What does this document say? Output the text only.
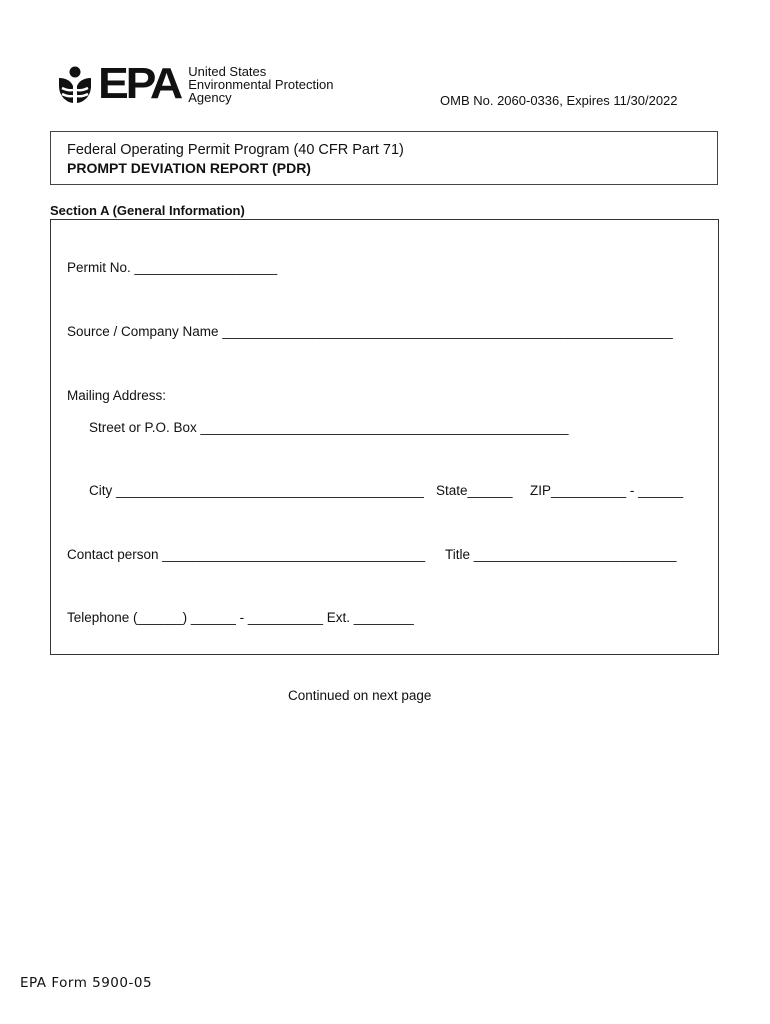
EPA United States
Environmental Protection
Agency	OMB No. 2060-0336, Expires 11/30/2022
Federal Operating Permit Program (40 CFR Part 71)
PROMPT DEVIATION REPORT (PDR)
Section A (General Information)
Permit No. ___________________
Source / Company Name ____________________________________________________________
Mailing Address:
Street or P.O. Box _________________________________________________
City _________________________________________ State______ ZIP__________ - ______
Contact person ___________________________________ Title ___________________________
Telephone (______) ______ - __________ Ext. ________
Continued on next page
EPA Form 5900-05
